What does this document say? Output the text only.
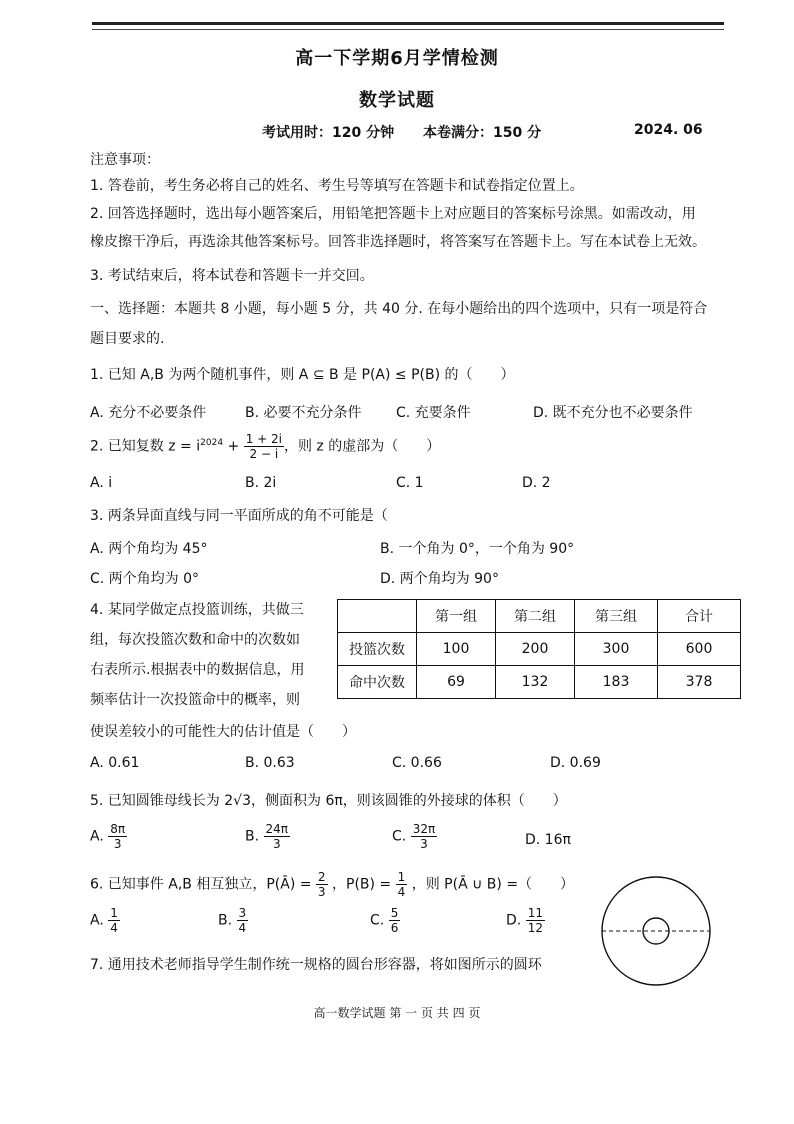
高一下学期6月学情检测
数学试题
考试用时：120 分钟 本卷满分：150 分	2024. 06
注意事项：
1. 答卷前，考生务必将自己的姓名、考生号等填写在答题卡和试卷指定位置上。
2. 回答选择题时，选出每小题答案后，用铅笔把答题卡上对应题目的答案标号涂黑。如需改动，用
橡皮擦干净后，再选涂其他答案标号。回答非选择题时，将答案写在答题卡上。写在本试卷上无效。
3. 考试结束后，将本试卷和答题卡一并交回。
一、选择题：本题共 8 小题，每小题 5 分，共 40 分. 在每小题给出的四个选项中，只有一项是符合
题目要求的.
1. 已知 A,B 为两个随机事件，则 A ⊆ B 是 P(A) ≤ P(B) 的（　　）
A. 充分不必要条件	B. 必要不充分条件 C. 充要条件	D. 既不充分也不必要条件
2. 已知复数 $z = i^{2024} + \frac{1 + 2i}{2 - i}$ ，则 z 的虚部为（　　）
A. i	B. 2i	C. 1	D. 2
3. 两条异面直线与同一平面所成的角不可能是（
A. 两个角均为 45°	B. 一个角为 0°，一个角为 90°
C. 两个角均为 0°	D. 两个角均为 90°
4. 某同学做定点投篮训练，共做三
组，每次投篮次数和命中的次数如
右表所示.根据表中的数据信息，用
频率估计一次投篮命中的概率，则
使误差较小的可能性大的估计值是（　　）
	第一组	第二组	第三组	合计
投篮次数	100	200	300	600
命中次数	69	132	183	378
A. 0.61	B. 0.63	C. 0.66	D. 0.69
5. 已知圆锥母线长为 2√3，侧面积为 6π，则该圆锥的外接球的体积（　　）
A. $\frac{8\pi}{3}$	B. $\frac{24\pi}{3}$	C. $\frac{32\pi}{3}$	D. 16π
6. 已知事件 A,B 相互独立，P(Ā) = $\frac{2}{3}$ ，$P(B) = \frac{1}{4}$ ，则 P(Ā ∪ B) =（　　）
A. $\frac{1}{4}$	B. $\frac{3}{4}$	C. $\frac{5}{6}$	D. $\frac{11}{12}$
7. 通用技术老师指导学生制作统一规格的圆台形容器，将如图所示的圆环
高一数学试题 第 一 页 共 四 页
